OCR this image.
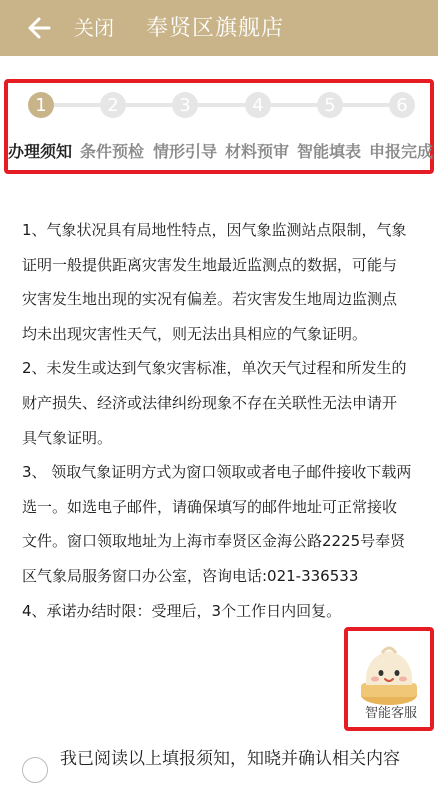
关闭 奉贤区旗舰店
1
办理须知
2
条件预检
3
情形引导
4
材料预审
5
智能填表
6
申报完成

1、气象状况具有局地性特点，因气象监测站点限制，气象

证明一般提供距离灾害发生地最近监测点的数据，可能与

灾害发生地出现的实况有偏差。若灾害发生地周边监测点

均未出现灾害性天气，则无法出具相应的气象证明。

2、未发生或达到气象灾害标准，单次天气过程和所发生的

财产损失、经济或法律纠纷现象不存在关联性无法申请开

具气象证明。

3、 领取气象证明方式为窗口领取或者电子邮件接收下载两

选一。如选电子邮件，请确保填写的邮件地址可正常接收

文件。窗口领取地址为上海市奉贤区金海公路2225号奉贤

区气象局服务窗口办公室，咨询电话:021-336533

4、承诺办结时限：受理后，3个工作日内回复。

智能客服
我已阅读以上填报须知，知晓并确认相关内容
